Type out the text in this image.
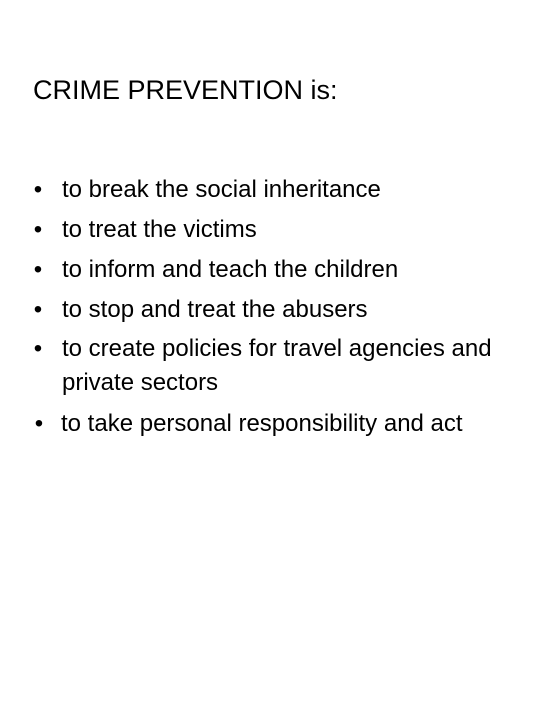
CRIME PREVENTION is:
• to break the social inheritance
• to treat the victims
• to inform and teach the children
• to stop and treat the abusers
• to create policies for travel agencies and private sectors
• to take personal responsibility and act
